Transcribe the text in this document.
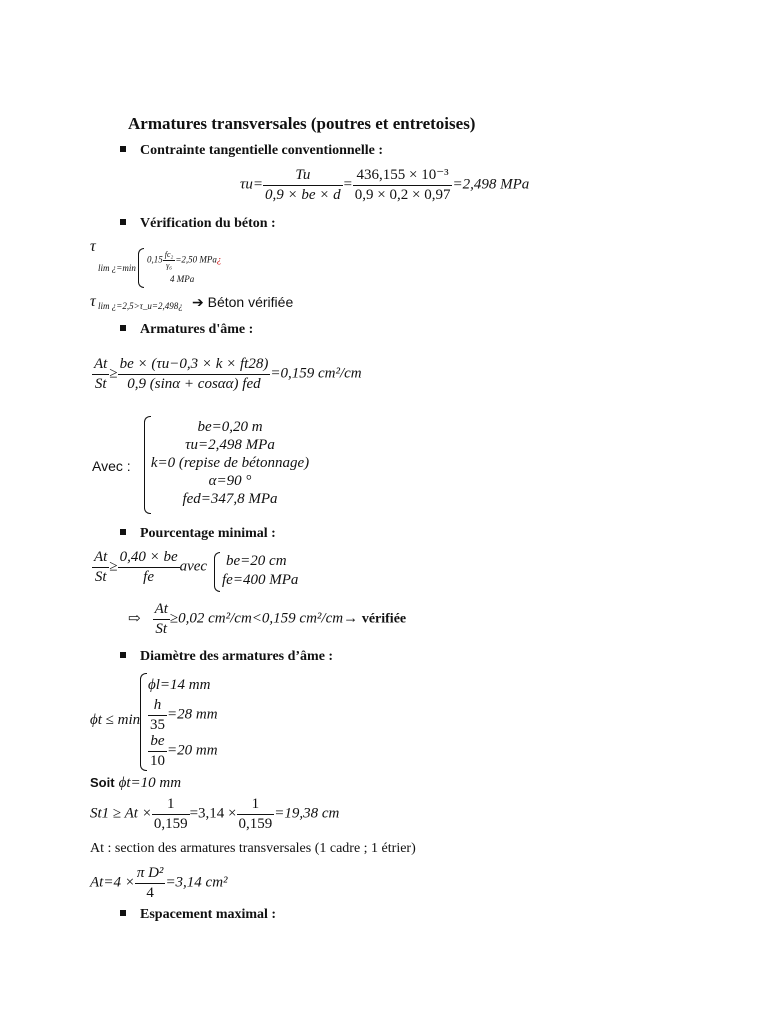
Armatures transversales (poutres et entretoises)
Contrainte tangentielle conventionnelle :
$\tau u= \frac{Tu}{0,9 \times be \times d} = \frac{\text{436,155 × 10⁻³}}{0,9 \times 0,2 \times 0,97} =2,498$ MPa
Vérification du béton :
τ
lim ¿=min
$0,15 \frac{\text{fc₂}}{\text{γ₆}} =2,50$ MPa¿
4 MPa
τ lim ¿=2,5>τ_u=2,498¿ ➔ Béton vérifiée
Armatures d'âme :
$\frac{At}{St} \ge \frac{be \times (\tau u-0,3 \times k \times ft28)}{\text{0,9 (sinα + cosαα) fed}} =0,159$ cm²/cm
Avec :
be=0,20 m
τu=2,498 MPa
k=0 (repise de bétonnage)
α=90 °
fed=347,8 MPa
Pourcentage minimal :
$\frac{At}{St} \ge \frac{0,40 \times be}{fe}$ avec be=20 cm
fe=400 MPa
⇨ $\frac{At}{St} \ge 0,02$ cm²/cm<0,159 cm²/cm→ vérifiée
Diamètre des armatures d’âme :
ϕt ≤ min
ϕl=14 mm
$\frac{h}{35} =28$ mm
$\frac{be}{10} =20$ mm
Soit ϕt=10 mm
$St1 \ge At \times \frac{1}{0,159} =3,14 \times \frac{1}{0,159} =19,38$ cm
At : section des armatures transversales (1 cadre ; 1 étrier)
$At=4 \times \frac{\text{π D²}}{4} =3,14$ cm²
Espacement maximal :
